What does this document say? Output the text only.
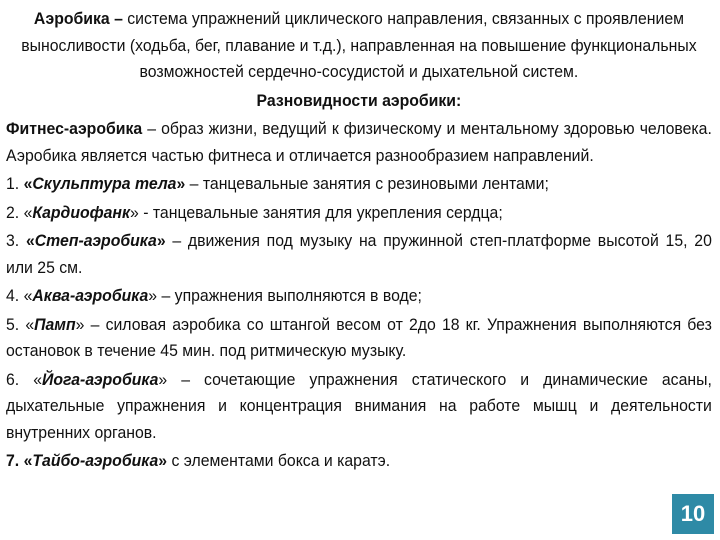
Аэробика – система упражнений циклического направления, связанных с проявлением выносливости (ходьба, бег, плавание и т.д.), направленная на повышение функциональных возможностей сердечно-сосудистой и дыхательной систем.

Разновидности аэробики:

Фитнес-аэробика – образ жизни, ведущий к физическому и ментальному здоровью человека. Аэробика является частью фитнеса и отличается разнообразием направлений.

1. «Скульптура тела» – танцевальные занятия с резиновыми лентами;

2. «Кардиофанк» - танцевальные занятия для укрепления сердца;

3. «Степ-аэробика» – движения под музыку на пружинной степ-платформе высотой 15, 20 или 25 см.

4. «Аква-аэробика» – упражнения выполняются в воде;

5. «Памп» – силовая аэробика со штангой весом от 2до 18 кг. Упражнения выполняются без остановок в течение 45 мин. под ритмическую музыку.

6. «Йога-аэробика» – сочетающие упражнения статического и динамические асаны, дыхательные упражнения и концентрация внимания на работе мышц и деятельности внутренних органов.

7. «Тайбо-аэробика» с элементами бокса и каратэ.

10
